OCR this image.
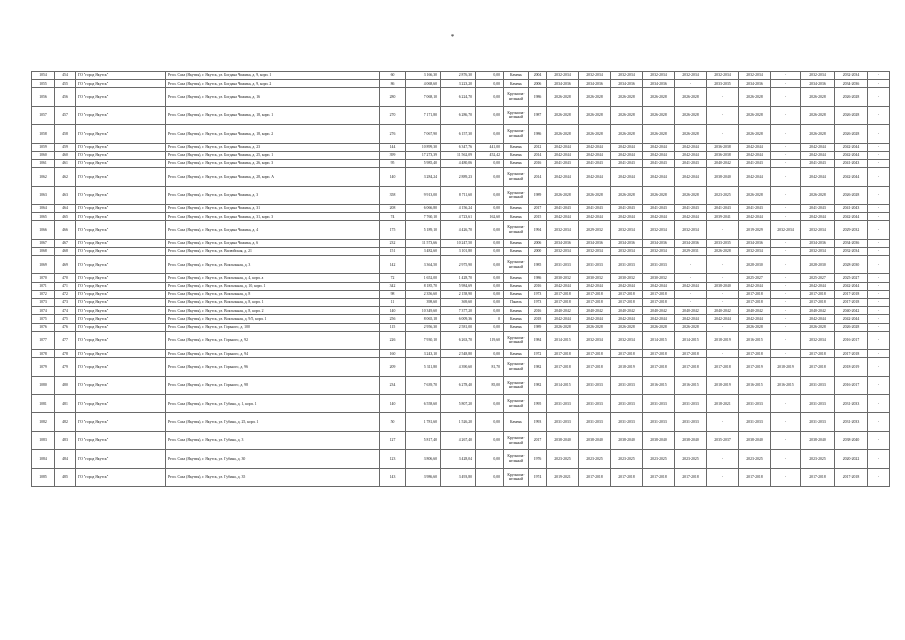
*
1054	454	ГО "город Якутск"	Респ. Саха (Якутия), г. Якутск, ул. Богдана Чижика, д. 9, корп. 1	60	3 166,30	2 876,30	0,00	Камень	2004	2032-2034	2032-2034	2032-2034	2032-2034	2032-2034	2032-2034	2032-2034	-	2032-2034	2032-2034	-
1055	455	ГО "город Якутск"	Респ. Саха (Якутия), г. Якутск, ул. Богдана Чижика, д. 9, корп. 2	86	4 068,60	3 223,20	0,00	Камень	2006	2034-2036	2034-2036	2034-2036	2034-2036	-	2033-2035	2034-2036	-	2034-2036	2034-2036	-
1056	456	ГО "город Якутск"	Респ. Саха (Якутия), г. Якутск, ул. Богдана Чижика, д. 16	280	7 068,10	6 224,70	0,00	Крупнопа-нельный	1986	2026-2028	2026-2028	2026-2028	2026-2028	2026-2028	-	2026-2028	-	2026-2028	2026-2028	-
1057	457	ГО "город Якутск"	Респ. Саха (Якутия), г. Якутск, ул. Богдана Чижика, д. 18, корп. 1	270	7 171,80	6 286,70	0,00	Крупнопа-нельный	1987	2026-2028	2026-2028	2026-2028	2026-2028	2026-2028	-	2026-2028	-	2026-2028	2026-2028	-
1058	458	ГО "город Якутск"	Респ. Саха (Якутия), г. Якутск, ул. Богдана Чижика, д. 18, корп. 2	276	7 067,90	6 157,30	0,00	Крупнопа-нельный	1986	2026-2028	2026-2028	2026-2028	2026-2028	2026-2028	-	2026-2028	-	2026-2028	2026-2028	-
1059	459	ГО "город Якутск"	Респ. Саха (Якутия), г. Якутск, ул. Богдана Чижика, д. 23	144	10 899,30	6 347,76	441,00	Камень	2012	2042-2044	2042-2044	2042-2044	2042-2044	2042-2044	2036-2038	2042-2044	-	2042-2044	2042-2044	-
1060	460	ГО "город Якутск"	Респ. Саха (Якутия), г. Якутск, ул. Богдана Чижика, д. 25, корп. 1	399	17 273,39	11 562,09	452,42	Камень	2014	2042-2044	2042-2044	2042-2044	2042-2044	2042-2044	2036-2038	2042-2044	-	2042-2044	2042-2044	-
1061	461	ГО "город Якутск"	Респ. Саха (Якутия), г. Якутск, ул. Богдана Чижика, д. 26, корп. 3	95	5 985,40	4 480,06	0,00	Камень	2016	2041-2043	2041-2043	2041-2043	2041-2043	2041-2043	2040-2042	2041-2043	-	2041-2043	2041-2043	-
1062	462	ГО "город Якутск"	Респ. Саха (Якутия), г. Якутск, ул. Богдана Чижика, д. 28, корп. А	140	3 284,24	2 889,23	0,00	Крупнопа-нельный	2014	2042-2044	2042-2044	2042-2044	2042-2044	2042-2044	2038-2040	2042-2044	-	2042-2044	2042-2044	-
1063	463	ГО "город Якутск"	Респ. Саха (Якутия), г. Якутск, ул. Богдана Чижика, д. 3	358	9 913,00	8 711,60	0,00	Крупнопа-нельный	1989	2026-2028	2026-2028	2026-2028	2026-2028	2026-2028	2023-2025	2026-2028	-	2026-2028	2026-2028	-
1064	464	ГО "город Якутск"	Респ. Саха (Якутия), г. Якутск, ул. Богдана Чижика, д. 31	208	6 066,80	4 156,24	0,00	Камень	2017	2041-2043	2041-2043	2041-2043	2041-2043	2041-2043	2041-2043	2041-2043	-	2041-2043	2041-2043	-
1065	465	ГО "город Якутск"	Респ. Саха (Якутия), г. Якутск, ул. Богдана Чижика, д. 31, корп. 3	74	7 760,10	4 723,61	162,60	Камень	2015	2042-2044	2042-2044	2042-2044	2042-2044	2042-2044	2039-2041	2042-2044	-	2042-2044	2042-2044	-
1066	466	ГО "город Якутск"	Респ. Саха (Якутия), г. Якутск, ул. Богдана Чижика, д. 4	175	5 189,10	4 426,70	0,00	Крупнопа-нельный	1994	2032-2034	2029-2032	2032-2034	2032-2034	2032-2034	-	2019-2029	2032-2034	2032-2034	2029-2032	-
1067	467	ГО "город Якутск"	Респ. Саха (Якутия), г. Якутск, ул. Богдана Чижика, д. 6	232	11 573,66	10 247,50	0,00	Камень	2006	2034-2036	2034-2036	2034-2036	2034-2036	2034-2036	2033-2035	2034-2036	-	2034-2036	2034-2036	-
1068	468	ГО "город Якутск"	Респ. Саха (Якутия), г. Якутск, ул. Вилюйская, д. 21	151	3 482,60	3 101,80	0,00	Камень	2000	2032-2034	2032-2034	2032-2034	2032-2034	2029-2031	2026-2028	2032-2034	-	2032-2034	2032-2034	-
1069	469	ГО "город Якутск"	Респ. Саха (Якутия), г. Якутск, ул. Вокзальная, д. 3	142	3 364,50	2 975,90	0,00	Крупнопа-нельный	1985	2031-2033	2031-2033	2031-2033	2031-2033	-	-	2028-2030	-	2028-2030	2028-2030	-
1070	470	ГО "город Якутск"	Респ. Саха (Якутия), г. Якутск, ул. Вокзальная, д. 4, корп. а	72	1 652,00	1 428,70	0,00	Камень	1986	2030-2032	2030-2032	2030-2032	2030-2032	-	-	2025-2027	-	2025-2027	2025-2027	-
1071	471	ГО "город Якутск"	Респ. Саха (Якутия), г. Якутск, ул. Вокзальная, д. 10, корп. 1	342	8 185,70	5 984,69	0,00	Камень	2016	2042-2044	2042-2044	2042-2044	2042-2044	2042-2044	2038-2040	2042-2044	-	2042-2044	2042-2044	-
1072	472	ГО "город Якутск"	Респ. Саха (Якутия), г. Якутск, ул. Вокзальная, д. 8	98	2 356,60	2 158,90	0,00	Камень	1973	2017-2018	2017-2018	2017-2018	2017-2018	-	-	2017-2018	-	2017-2018	2017-2018	-
1073	473	ГО "город Якутск"	Респ. Саха (Якутия), г. Якутск, ул. Вокзальная, д. 8, корп. 1	11	398,60	369,60	0,00	Панель	1973	2017-2018	2017-2018	2017-2018	2017-2018	-	-	2017-2018	-	2017-2018	2017-2018	-
1074	474	ГО "город Якутск"	Респ. Саха (Якутия), г. Якутск, ул. Вокзальная, д. 8, корп. 2	140	10 349,60	7 377,20	0,00	Камень	2016	2040-2042	2040-2042	2040-2042	2040-2042	2040-2042	2040-2042	2040-2042	-	2040-2042	2040-2042	-
1075	475	ГО "город Якутск"	Респ. Саха (Якутия), г. Якутск, ул. Вокзальная, д. 9/5, корп. 1	256	8 065,18	6 009,36	0	Камень	2018	2042-2044	2042-2044	2042-2044	2042-2044	2042-2044	2042-2044	2042-2044	-	2042-2044	2042-2044	-
1076	476	ГО "город Якутск"	Респ. Саха (Якутия), г. Якутск, ул. Горького, д. 100	115	2 956,30	2 581,00	0,00	Камень	1989	2026-2028	2026-2028	2026-2028	2026-2028	2026-2028	-	2026-2028	-	2026-2028	2026-2028	-
1077	477	ГО "город Якутск"	Респ. Саха (Якутия), г. Якутск, ул. Горького, д. 92	226	7 930,10	6 263,70	119,60	Крупнопа-нельный	1984	2014-2015	2032-2034	2032-2034	2014-2015	2014-2015	2018-2019	2016-2015	-	2032-2034	2016-2017	-
1078	478	ГО "город Якутск"	Респ. Саха (Якутия), г. Якутск, ул. Горького, д. 94	160	3 243,10	2 548,80	0,00	Камень	1972	2017-2018	2017-2018	2017-2018	2017-2018	2017-2018	-	2017-2018	-	2017-2018	2017-2018	-
1079	479	ГО "город Якутск"	Респ. Саха (Якутия), г. Якутск, ул. Горького, д. 96	209	5 311,80	4 390,60	81,70	Крупнопа-нельный	1982	2017-2018	2017-2018	2018-2019	2017-2018	2017-2018	2017-2018	2017-2019	2018-2019	2017-2018	2018-2019	-
1080	480	ГО "город Якутск"	Респ. Саха (Якутия), г. Якутск, ул. Горького, д. 98	234	7 639,70	6 278,40	85,00	Крупнопа-нельный	1982	2014-2015	2031-2033	2031-2033	2016-2015	2016-2015	2018-2019	2016-2015	2016-2015	2031-2033	2016-2017	-
1081	481	ГО "город Якутск"	Респ. Саха (Якутия), г. Якутск, ул. Губина, д. 1, корп. 1	140	6 558,60	5 807,20	0,00	Крупнопа-нельный	1995	2031-2033	2031-2033	2031-2033	2031-2033	2031-2033	2018-2021	2031-2033	-	2031-2033	2031-2033	-
1082	482	ГО "город Якутск"	Респ. Саха (Якутия), г. Якутск, ул. Губина, д. 25, корп. 1	50	1 781,60	1 526,20	0,00	Камень	1993	2031-2033	2031-2033	2031-2033	2031-2033	2031-2033	-	2031-2033	-	2031-2033	2031-2033	-
1083	483	ГО "город Якутск"	Респ. Саха (Якутия), г. Якутск, ул. Губина, д. 3	127	5 817,40	4 267,40	0,00	Крупнопа-нельный	2017	2038-2040	2038-2040	2038-2040	2038-2040	2038-2040	2035-2037	2038-2040	-	2038-2040	2038-2040	-
1084	484	ГО "город Якутск"	Респ. Саха (Якутия), г. Якутск, ул. Губина, д. 30	123	3 806,60	3 428,04	0,00	Крупнопа-нельный	1976	2023-2025	2023-2025	2023-2025	2023-2025	2023-2025	-	2023-2025	-	2023-2025	2020-2022	-
1085	485	ГО "город Якутск"	Респ. Саха (Якутия), г. Якутск, ул. Губина, д. 35	143	3 986,60	3 493,80	0,00	Крупнопа-нельный	1974	2019-2021	2017-2018	2017-2018	2017-2018	2017-2018	-	2017-2018	-	2017-2018	2017-2018	-
